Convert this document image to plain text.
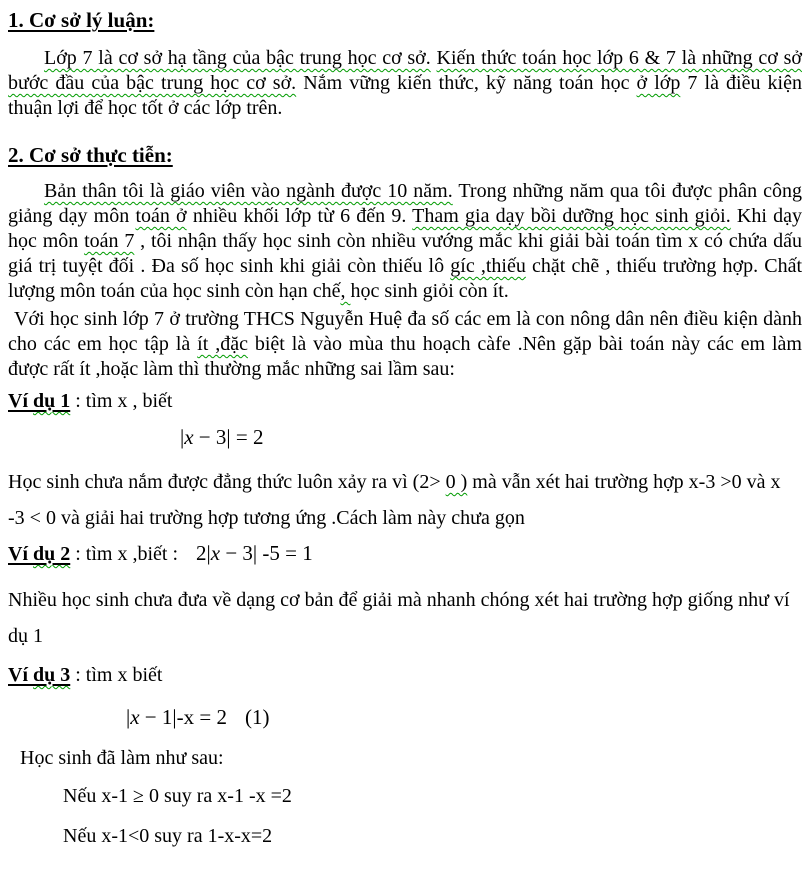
1. Cơ sở lý luận:

Lớp 7 là cơ sở hạ tầng của bậc trung học cơ sở. Kiến thức toán học lớp 6 & 7 là những cơ sở bước đầu của bậc trung học cơ sở. Nắm vững kiến thức, kỹ năng toán học ở lớp 7 là điều kiện thuận lợi để học tốt ở các lớp trên.

2. Cơ sở thực tiễn:

Bản thân tôi là giáo viên vào ngành được 10 năm. Trong những năm qua tôi được phân công giảng dạy môn toán ở nhiều khối lớp từ 6 đến 9. Tham gia dạy bồi dưỡng học sinh giỏi. Khi dạy học môn toán 7 , tôi nhận thấy học sinh còn nhiều vướng mắc khi giải bài toán tìm x có chứa dấu giá trị tuyệt đối . Đa số học sinh khi giải còn thiếu lô gíc ,thiếu chặt chẽ , thiếu trường hợp. Chất lượng môn toán của học sinh còn hạn chế, học sinh giỏi còn ít.

Với học sinh lớp 7 ở trường THCS Nguyễn Huệ đa số các em là con nông dân nên điều kiện dành cho các em học tập là ít ,đặc biệt là vào mùa thu hoạch càfe .Nên gặp bài toán này các em làm được rất ít ,hoặc làm thì thường mắc những sai lầm sau:

Ví dụ 1 : tìm x , biết

|x − 3| = 2

Học sinh chưa nắm được đẳng thức luôn xảy ra vì (2> 0 ) mà vẫn xét hai trường hợp x-3 >0 và x -3 < 0 và giải hai trường hợp tương ứng .Cách làm này chưa gọn

Ví dụ 2 : tìm x ,biết : 2|x − 3| -5 = 1

Nhiều học sinh chưa đưa về dạng cơ bản để giải mà nhanh chóng xét hai trường hợp giống như ví dụ 1

Ví dụ 3 : tìm x biết

|x − 1|-x = 2 (1)

Học sinh đã làm như sau:

Nếu x-1 ≥ 0 suy ra x-1 -x =2

Nếu x-1<0 suy ra 1-x-x=2
